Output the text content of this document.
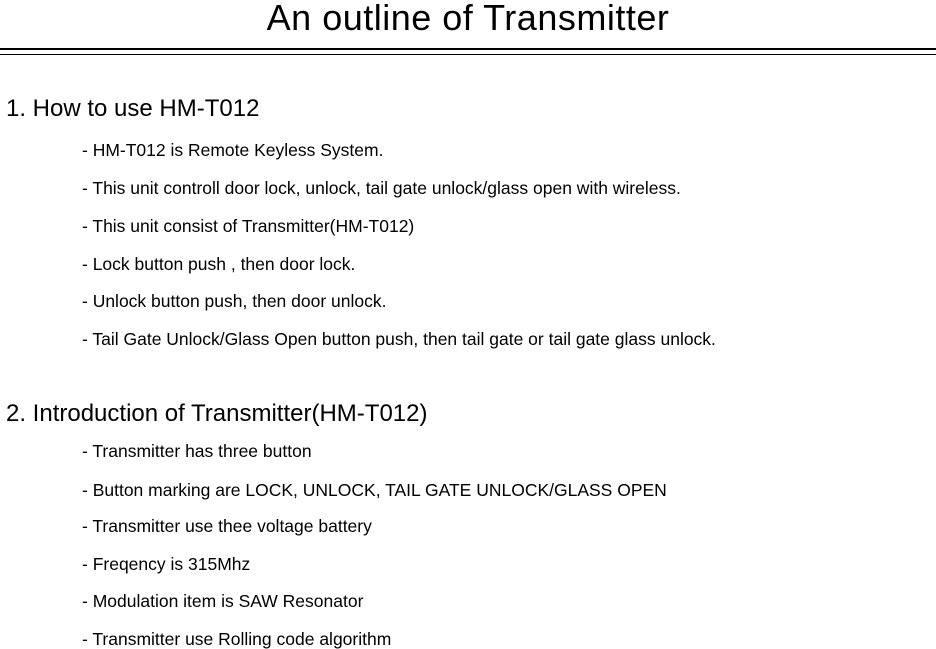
An outline of Transmitter
1. How to use HM-T012
- HM-T012 is Remote Keyless System.
- This unit controll door lock, unlock, tail gate unlock/glass open with wireless.
- This unit consist of Transmitter(HM-T012)
- Lock button push , then door lock.
- Unlock button push, then door unlock.
- Tail Gate Unlock/Glass Open button push, then tail gate or tail gate glass unlock.
2. Introduction of Transmitter(HM-T012)
- Transmitter has three button
- Button marking are LOCK, UNLOCK, TAIL GATE UNLOCK/GLASS OPEN
- Transmitter use thee voltage battery
- Freqency is 315Mhz
- Modulation item is SAW Resonator
- Transmitter use Rolling code algorithm
